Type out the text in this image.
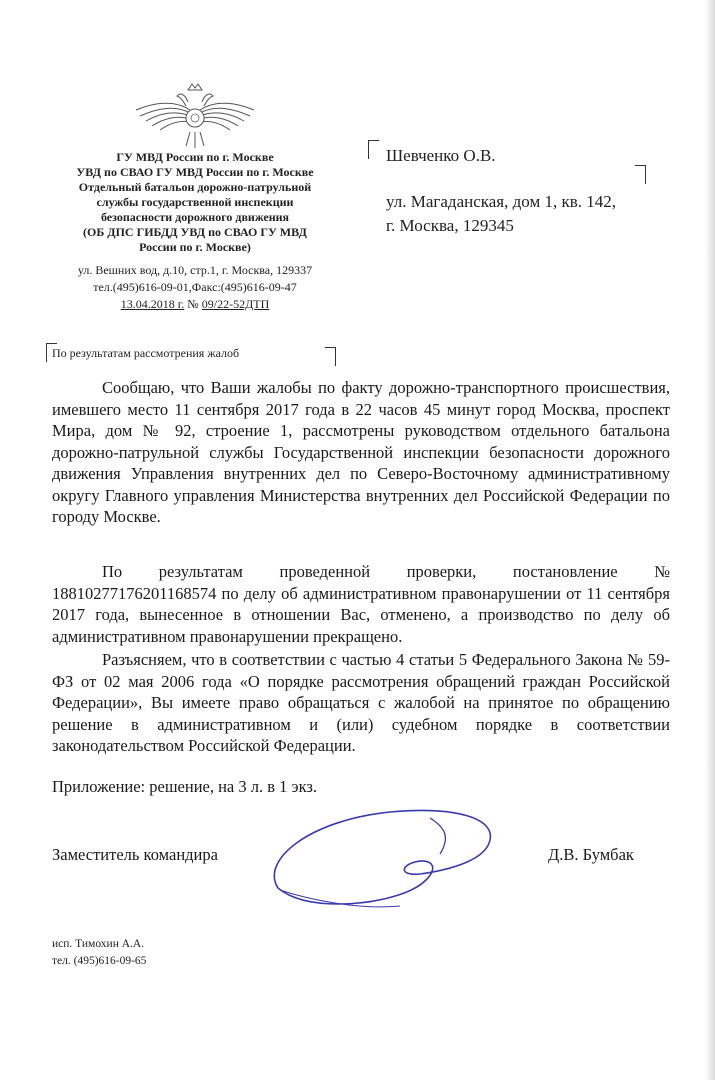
ГУ МВД России по г. Москве
УВД по СВАО ГУ МВД России по г. Москве
Отдельный батальон дорожно-патрульной
службы государственной инспекции
безопасности дорожного движения
(ОБ ДПС ГИБДД УВД по СВАО ГУ МВД
России по г. Москве)
ул. Вешних вод, д.10, стр.1, г. Москва, 129337
тел.(495)616-09-01,Факс:(495)616-09-47
13.04.2018 г. № 09/22-52ДТП
Шевченко О.В.
ул. Магаданская, дом 1, кв. 142,
г. Москва, 129345
По результатам рассмотрения жалоб
Сообщаю, что Ваши жалобы по факту дорожно-транспортного происшествия, имевшего место 11 сентября 2017 года в 22 часов 45 минут город Москва, проспект Мира, дом № 92, строение 1, рассмотрены руководством отдельного батальона дорожно-патрульной службы Государственной инспекции безопасности дорожного движения Управления внутренних дел по Северо-Восточному административному округу Главного управления Министерства внутренних дел Российской Федерации по городу Москве.
По результатам проведенной проверки, постановление № 18810277176201168574 по делу об административном правонарушении от 11 сентября 2017 года, вынесенное в отношении Вас, отменено, а производство по делу об административном правонарушении прекращено.
Разъясняем, что в соответствии с частью 4 статьи 5 Федерального Закона № 59-ФЗ от 02 мая 2006 года «О порядке рассмотрения обращений граждан Российской Федерации», Вы имеете право обращаться с жалобой на принятое по обращению решение в административном и (или) судебном порядке в соответствии законодательством Российской Федерации.
Приложение: решение, на 3 л. в 1 экз.
Заместитель командира	Д.В. Бумбак
исп. Тимохин А.А.
тел. (495)616-09-65
